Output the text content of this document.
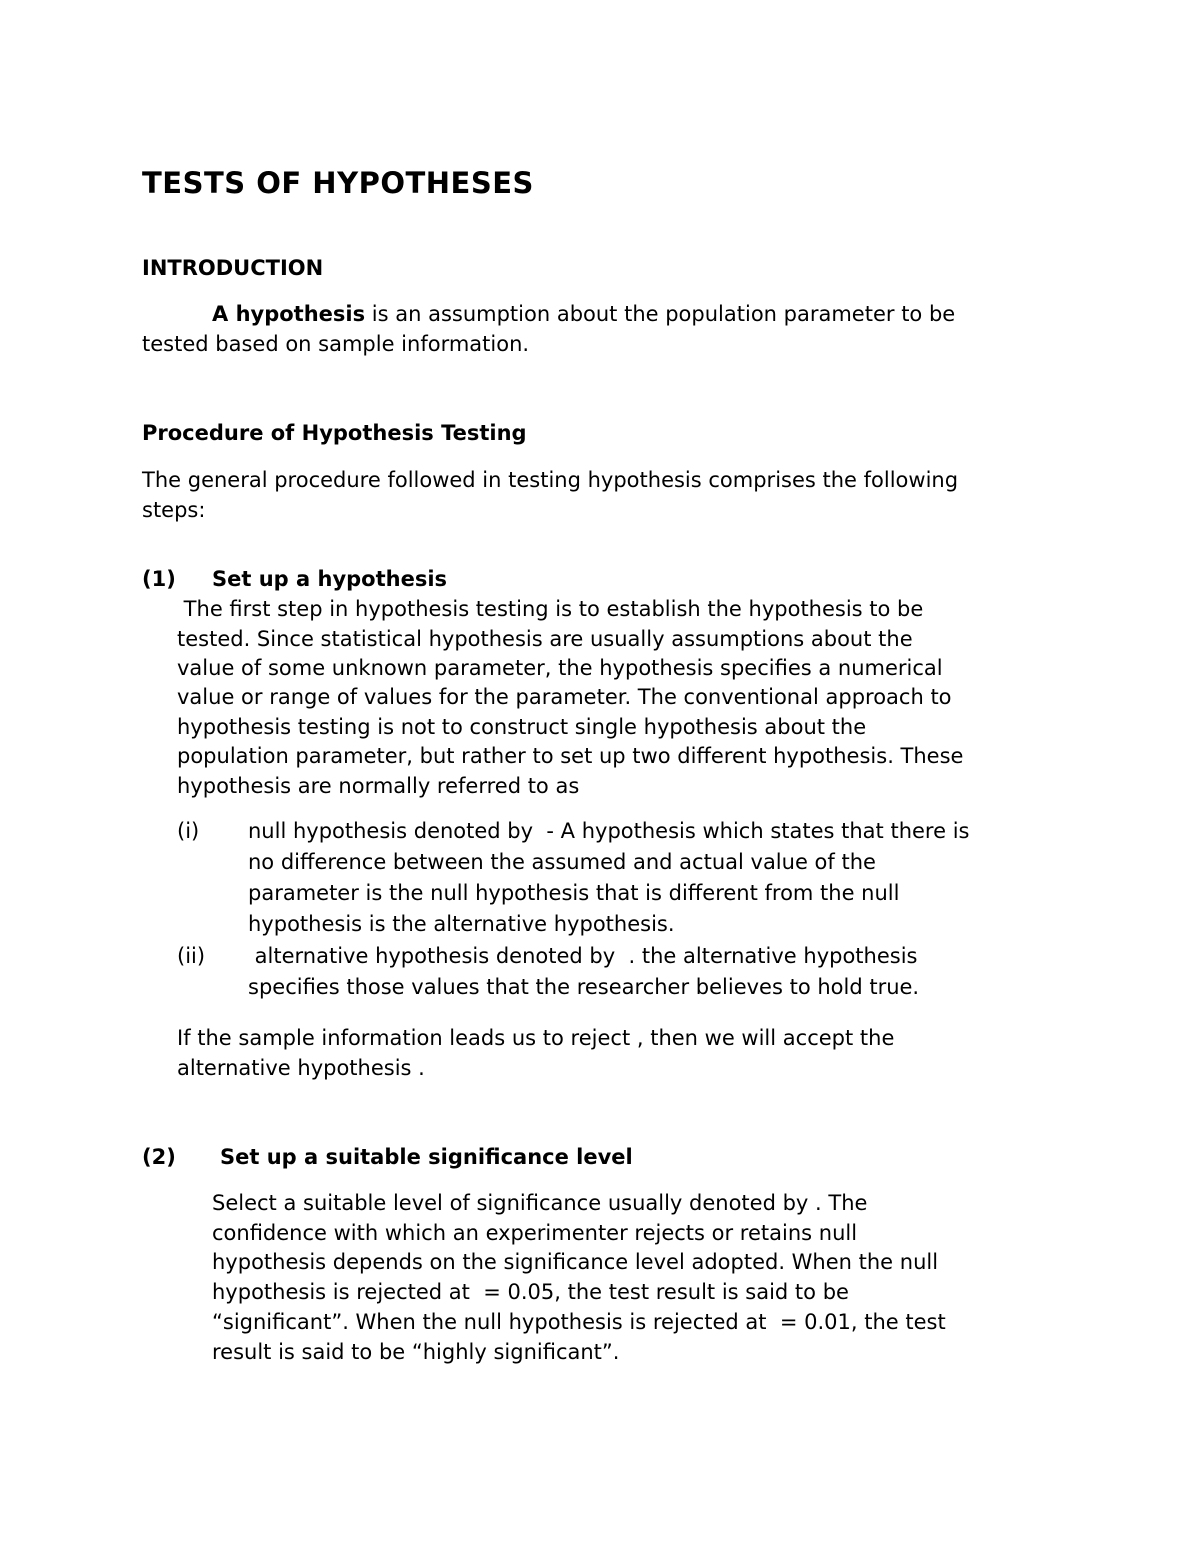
TESTS OF HYPOTHESES
INTRODUCTION
A hypothesis is an assumption about the population parameter to be
tested based on sample information.
Procedure of Hypothesis Testing
The general procedure followed in testing hypothesis comprises the following
steps:
(1) Set up a hypothesis
The first step in hypothesis testing is to establish the hypothesis to be
tested. Since statistical hypothesis are usually assumptions about the
value of some unknown parameter, the hypothesis specifies a numerical
value or range of values for the parameter. The conventional approach to
hypothesis testing is not to construct single hypothesis about the
population parameter, but rather to set up two different hypothesis. These
hypothesis are normally referred to as
(i) null hypothesis denoted by  - A hypothesis which states that there is
no difference between the assumed and actual value of the
parameter is the null hypothesis that is different from the null
hypothesis is the alternative hypothesis.
(ii) alternative hypothesis denoted by  . the alternative hypothesis
specifies those values that the researcher believes to hold true.
If the sample information leads us to reject , then we will accept the
alternative hypothesis .
(2) Set up a suitable significance level
Select a suitable level of significance usually denoted by . The
confidence with which an experimenter rejects or retains null
hypothesis depends on the significance level adopted. When the null
hypothesis is rejected at  = 0.05, the test result is said to be
“significant”. When the null hypothesis is rejected at  = 0.01, the test
result is said to be “highly significant”.
